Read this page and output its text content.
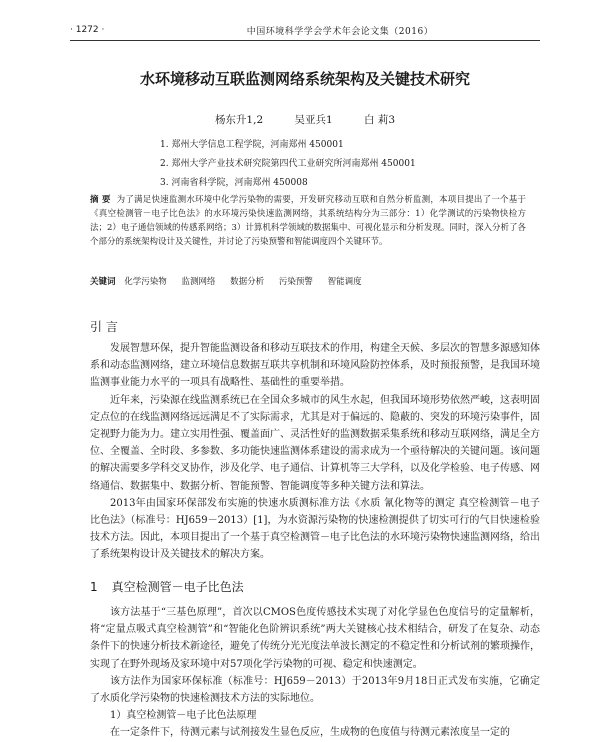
· 1272 ·	中国环境科学学会学术年会论文集（2016）
水环境移动互联监测网络系统架构及关键技术研究
杨东升1,2	吴亚兵1	白 莉3
1. 郑州大学信息工程学院，河南郑州 450001
2. 郑州大学产业技术研究院第四代工业研究所河南郑州 450001
3. 河南省科学院，河南郑州 450008
摘 要 为了满足快速监测水环境中化学污染物的需要，开发研究移动互联和自然分析监测，本项目提出了一个基于《真空检测管－电子比色法》的水环境污染快速监测网络，其系统结构分为三部分：1）化学测试的污染物快检方法；2）电子通信领域的传感系网络；3）计算机科学领域的数据集中、可视化显示和分析发现。同时，深入分析了各个部分的系统架构设计及关键性，并讨论了污染预警和智能调度四个关键环节。
关键词 化学污染物 监测网络 数据分析 污染预警 智能调度
引 言

发展智慧环保，提升智能监测设备和移动互联技术的作用，构建全天候、多层次的智慧多源感知体系和动态监测网络，建立环境信息数据互联共享机制和环境风险防控体系，及时预报预警，是我国环境监测事业能力水平的一项具有战略性、基础性的重要举措。

近年来，污染源在线监测系统已在全国众多城市的风生水起，但我国环境形势依然严峻，这表明固定点位的在线监测网络远远满足不了实际需求，尤其是对于偏远的、隐蔽的、突发的环境污染事件，固定视野力能为力。建立实用性强、覆盖面广、灵活性好的监测数据采集系统和移动互联网络，满足全方位、全覆盖、全时段、多参数、多功能快速监测体系建设的需求成为一个亟待解决的关键问题。该问题的解决需要多学科交叉协作，涉及化学、电子通信、计算机等三大学科，以及化学检验、电子传感、网络通信、数据集中、数据分析、智能预警、智能调度等多种关键方法和算法。

2013年由国家环保部发布实施的快速水质测标准方法《水质 氰化物等的测定 真空检测管－电子比色法》（标准号：HJ659－2013）[1]，为水资源污染物的快速检测提供了切实可行的气目快速检验技术方法。因此，本项目提出了一个基于真空检测管－电子比色法的水环境污染物快速监测网络，给出了系统架构设计及关键技术的解决方案。

1 真空检测管－电子比色法

该方法基于“三基色原理”，首次以CMOS色度传感技术实现了对化学显色色度信号的定量解析，将“定量点吸式真空检测管”和“智能化色阶辨识系统”两大关键核心技术相结合，研发了在复杂、动态条件下的快速分析技术新途径，避免了传统分光光度法单波长测定的不稳定性和分析试剂的繁琐操作，实现了在野外现场及家环境中对57项化学污染物的可视、稳定和快速测定。

该方法作为国家环保标准（标准号：HJ659－2013）于2013年9月18日正式发布实施，它确定了水质化学污染物的快速检测技术方法的实际地位。

1）真空检测管－电子比色法原理

在一定条件下，待测元素与试剂接发生显色反应，生成物的色度值与待测元素浓度呈一定的
